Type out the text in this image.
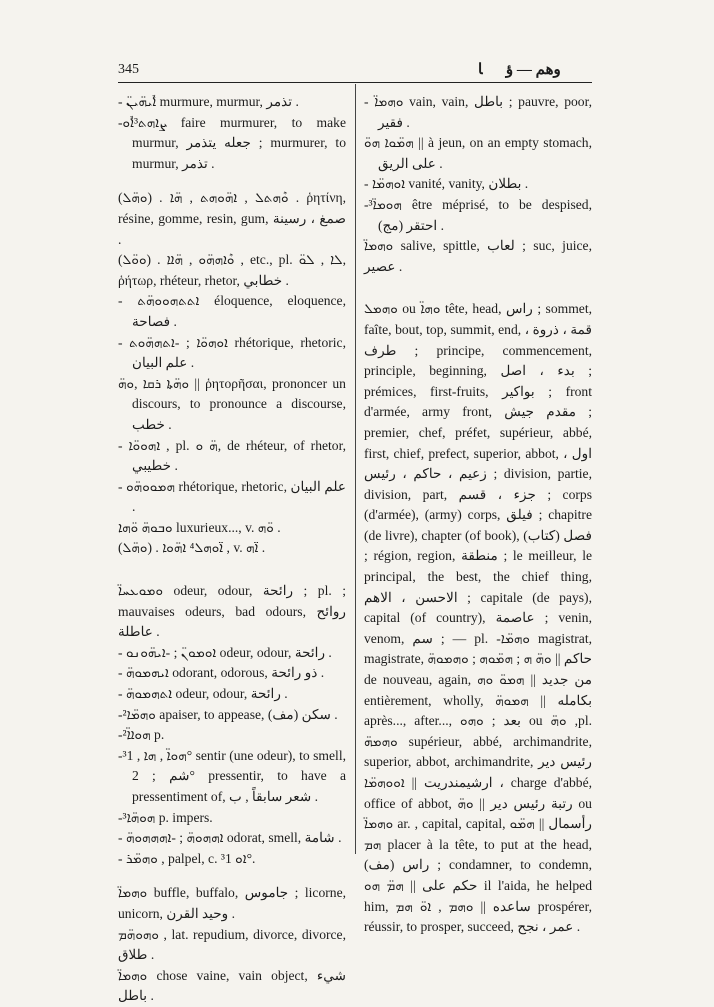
345	وهم — ؤهٖا

- ܐܽܝܗ̈ܝܢ̈ murmure, murmur, تذمر .

-ܨܐܗܬ³ܐܽܘ faire murmurer, to make murmur, جعله يتذمر ; murmurer, to murmur, تذمر .

(ܘܗ̈ܠ) . ܘܶܗܬܠ , ܐܗ̈ܘܗܬ , ܗ̈ܐ . ῥητίνη, résine, gomme, resin, gum, صمغ ، رسينة .

(ܘܘ̈ܠ) . ܘܶܐܗܗ̈ܘ , ܗ̈ܐܐ , etc., pl. ܠܐ , ܠܘ̈, ῥήτωρ, rhéteur, rhetor, خطابي .

- ܐܬܬܗܘܘܗ̈ܬ éloquence, eloquence, فصاحة .

- ܐܘܗܘ̈ܐ ; -ܐܬܗܗ̈ܘܬ rhétorique, rhetoric, علم البيان .

ܘܗ̈ܬܐ ܪܩܐ ,ܘܗ̈ || ῥητορῆσαι, prononcer un discours, to pronounce a discourse, خطب .

- ܐܗܘܘ̈ܐ , pl. ܗ̈ ܘ, de rhéteur, of rhetor, خطيبي .

- ܗܡܘܘܗ̈ܘ rhétorique, rhetoric, علم البيان .

ܘܒܘܗ̈ ܘ̈ܗܐ luxurieux..., v. ܘ̈ܗ .

(ܘܗ̈ܠ) . ܐ̈ܘܗܠ⁴ ܐܗ̈ܘܐ , v. ܐ̈ܗ .

ܘܡܘܥܚܐ̈ odeur, odour, رائحة ; pl. ; mauvaises odeurs, bad odours, روائح عاطلة .

- ܐܘܡܘܢ̈ ; -ܐܝܗ̈ܘܢܘ odeur, odour, رائحة .

- ܐܝܗܡܘܗ̈ odorant, odorous, ذو رائحة .

- ܐܬܗܡܘܗ̈ odeur, odour, رائحة .

-²ܘܗܡ̈ܐ apaiser, to appease, سكن (مف) .

-²ܗܘܐܐ̈ p.

-³ܗܘܐ̈ , ܗܐ , 1° sentir (une odeur), to smell, شم ; 2° pressentir, to have a pressentiment of, شعر سابقاً , ب .

-³ܗܘܗ̈ܐ p. impers.

- ܐܗܗܘܗ̈ ; -ܐܗܗܗܘܗ̈ odorat, smell, شامة .

- ܘܗܡ̈ܪ , palpel, c. ³ܐܘ 1°.

ܘܗܡܐ̈ buffle, buffalo, جاموس ; licorne, unicorn, وحيد القرن .

ܘܗܘܗ̈ܡ , lat. repudium, divorce, divorce, طلاق .

ܘܗܡܐ̈ chose vaine, vain object, شيء باطل .

- ܘܗܡܐ̈ vain, vain, باطل ; pauvre, poor, فقير .

ܗܡ̈ܘܐ ܗܘ̈ || à jeun, on an empty stomach, على الريق .

- ܐܘܗܡ̈ܐ vanité, vanity, بطلان .

-³ܗܘܡܐ̈ être méprisé, to be despised, احتقر (مج) .

ܘܗܡܐ̈ salive, spittle, لعاب ; suc, juice, عصير .

ܘܗܡܠ ou ܘܗܐ̈ tête, head, راس ; sommet, faîte, bout, top, summit, end, قمة ، ذروة ، طرف ; principe, commencement, principle, beginning, بدء ، اصل ; prémices, first-fruits, بواكير ; front d'armée, army front, مقدم جيش ; premier, chef, préfet, supérieur, abbé, first, chief, prefect, superior, abbot, اول ، زعيم ، حاكم ، رئيس ; division, partie, division, part, جزء ، قسم ; corps (d'armée), (army) corps, فيلق ; chapitre (de livre), chapter (of book), فصل (كتاب) ; région, region, منطقة ; le meilleur, le principal, the best, the chief thing, الاحسن ، الاهم ; capitale (de pays), capital (of country), عاصمة ; venin, venom, سم ; — pl. -ܘܗܡ̈ܐ magistrat, magistrate, حاكم || ܘܗ̈ ܗ ; ܗܡ̈ܘܗ ; ܘܗܡܘܗ̈ de nouveau, again, من جديد || ܗܡܘ̈ ܘܗ entièrement, wholly, بكامله || ܗܡܘܗ̈ après..., after..., بعد ; ܘܗܘ ou ܘܗ̈ ,pl. ܘܗܡܗ̈ supérieur, abbé, archimandrite, superior, abbot, archimandrite, رئيس دير ، ارشيمندريت || ܐܘܘܗܡ̈ܐ charge d'abbé, office of abbot, رتبة رئيس دير || ܘܗ̈ ou ܘܗܡܐ̈ ar. , capital, capital, رأسمال || ܗܡ̈ܘ ܗܡ placer à la tête, to put at the head, راس (مف) ; condamner, to condemn, حكم على || ܗܡ̈ ܗܘ il l'aida, he helped him, ساعده || ܘܗܡ , ܐܘ̈ ܗܡ prospérer, réussir, to prosper, succeed, عمر ، نجح .
